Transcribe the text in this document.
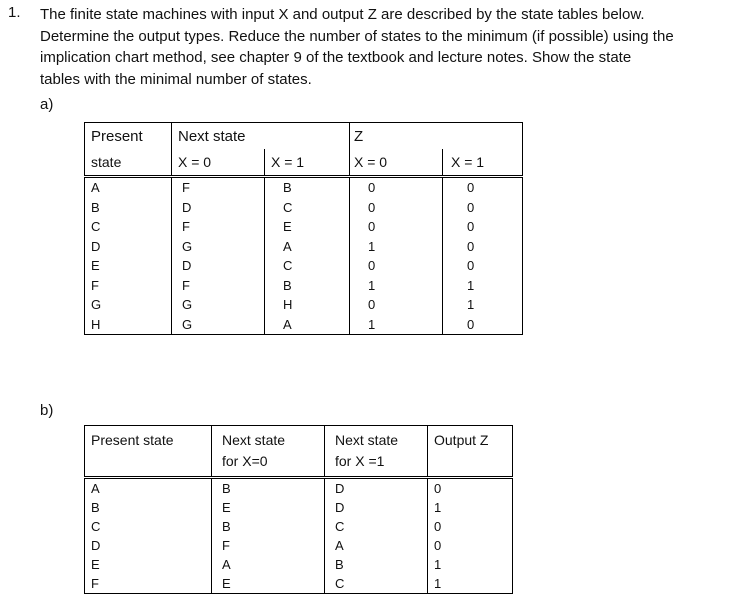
1. The finite state machines with input X and output Z are described by the state tables below.
Determine the output types. Reduce the number of states to the minimum (if possible) using the
implication chart method, see chapter 9 of the textbook and lecture notes. Show the state
tables with the minimal number of states.
a)
Present	Next state		Z	
state	X = 0	X = 1	X = 0	X = 1
A	F	B	0	0
B	D	C	0	0
C	F	E	0	0
D	G	A	1	0
E	D	C	0	0
F	F	B	1	1
G	G	H	0	1
H	G	A	1	0
b)
Present state	Next state
for X=0	Next state
for X =1	Output Z
A	B	D	0
B	E	D	1
C	B	C	0
D	F	A	0
E	A	B	1
F	E	C	1
